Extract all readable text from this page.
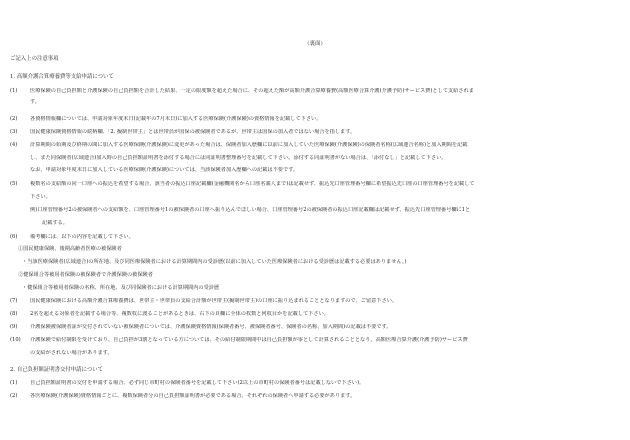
（裏面）
ご記入上の注意事項
1. 高額介護合算療養費等支給申請について
(1)	医療保険の自己負担額と介護保険の自己負担額を合計した結果、一定の限度額を超えた場合に、その超えた額が高額介護合算療養費(高額医療合算介護(介護予防)サービス費)として支給されま
す。
(2)	各資格情報欄については、申請対象年度末日(記載年の7月末日)に加入する医療保険(介護保険)の資格情報を記載して下さい。
(3)	国民健康保険資格情報の続柄欄、「2. 擬制世帯主」とは世帯員が国保の被保険者であるが、世帯主は国保の加入者ではない場合を指します。
(4)	計算期間の始期及び終期の間に加入する医療保険(介護保険)に変更があった場合は、保険者加入歴欄に以前に加入していた医療保険(介護保険)の保険者名称(広域連合名称)と加入期間を記載
し、また同保険者(広域連合)加入時の自己負担額証明書を添付する場合には同証明書整理番号を記載して下さい。添付する同証明書がない場合は、「添付なし」と記載して下さい。
なお、申請対象年度末日に加入している医療保険(介護保険)については、当該保険者加入歴欄への記載は不要です。
(5)	複数名の支給額の同一口座への振込を希望する場合、該当者の振込口座記載欄(金融機関名から口座名義人まで)は記載せず、振込先口座管理番号欄に希望振込先口座の口座管理番号を記載して
下さい。
例)口座管理番号2の被保険者への支給額を、口座管理番号1の被保険者の口座へ振り込んでほしい場合、口座管理番号2の被保険者の振込口座記載欄は記載せず、振込先口座管理番号欄に1と
記載する。
(6)	備考欄には、以下の内容を記載して下さい。
①国民健康保険、後期高齢者医療の被保険者
・当該医療保険者(広域連合)の所在地、及び同医療保険者における計算期間内の受診歴(以前に加入していた医療保険者における受診歴は記載する必要はありません。)
②健保組合等被用者保険の被保険者で介護保険の被保険者
・健保組合等被用者保険の名称、所在地、及び同保険者における計算期間内の受診歴
(7)	国民健康保険における高額介護合算療養費は、世帯主・世帯員の支給合計額が世帯主(擬制世帯主)の口座に振り込まれることとなりますので、ご留意下さい。
(8)	2名を超える対象者を記載する場合等、複数枚に渡ることがあるときは、右下の頁欄に全体の枚数と何枚目かを記載して下さい。
(9)	介護保険被保険者証が交付されていない被保険者については、介護保険資格情報(保険者番号、被保険者番号、保険者の名称、加入期間)の記載は不要です。
(10)	介護保険で給付制限を受けており、自己負担が3割となっている方については、その給付制限期間中は自己負担額が零として計算されることとなり、高額医療合算介護(介護予防)サービス費
の支給がされない場合があります。
2. 自己負担額証明書交付申請について
(1)	自己負担額証明書の交付を申請する場合、必ず同じ市町村の保険者番号を記載して下さい(2以上の市町村の保険者番号は記載しないで下さい)。
(2)	各医療保険(介護保険)資格情報ごとに、複数保険者分の自己負担額証明書が必要である場合、それぞれの保険者へ申請する必要があります。
